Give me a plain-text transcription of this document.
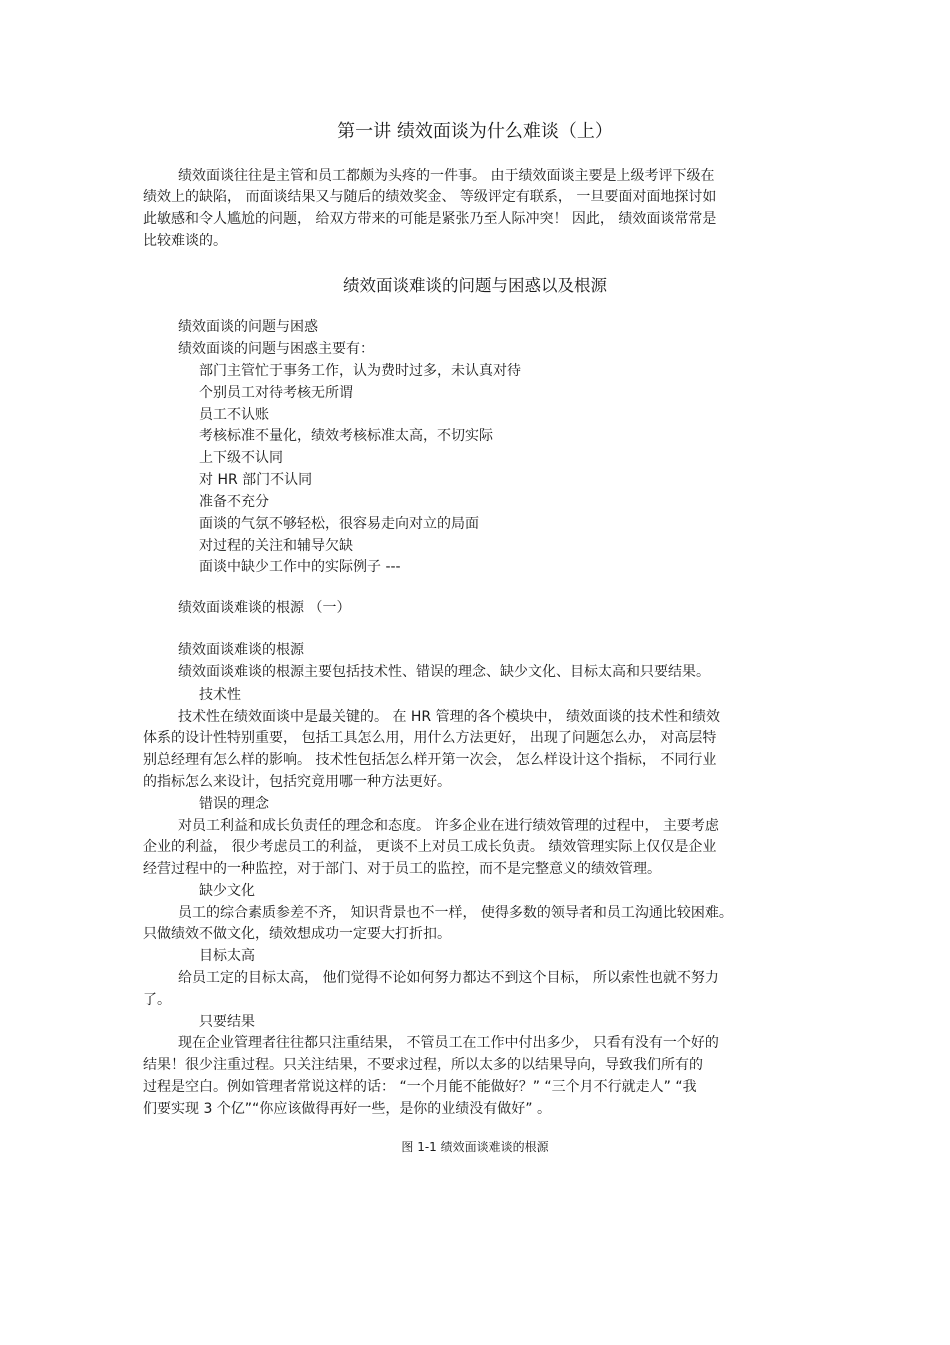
第一讲 绩效面谈为什么难谈（上）
绩效面谈往往是主管和员工都颇为头疼的一件事。 由于绩效面谈主要是上级考评下级在
绩效上的缺陷， 而面谈结果又与随后的绩效奖金、 等级评定有联系， 一旦要面对面地探讨如
此敏感和令人尴尬的问题， 给双方带来的可能是紧张乃至人际冲突！ 因此， 绩效面谈常常是
比较难谈的。
绩效面谈难谈的问题与困惑以及根源
绩效面谈的问题与困惑
绩效面谈的问题与困惑主要有：
部门主管忙于事务工作，认为费时过多，未认真对待
个别员工对待考核无所谓
员工不认账
考核标准不量化，绩效考核标准太高，不切实际
上下级不认同
对 HR 部门不认同
准备不充分
面谈的气氛不够轻松，很容易走向对立的局面
对过程的关注和辅导欠缺
面谈中缺少工作中的实际例子 ---
绩效面谈难谈的根源 （一）
绩效面谈难谈的根源
绩效面谈难谈的根源主要包括技术性、错误的理念、缺少文化、目标太高和只要结果。
技术性
技术性在绩效面谈中是最关键的。 在 HR 管理的各个模块中， 绩效面谈的技术性和绩效
体系的设计性特别重要， 包括工具怎么用，用什么方法更好， 出现了问题怎么办， 对高层特
别总经理有怎么样的影响。 技术性包括怎么样开第一次会， 怎么样设计这个指标， 不同行业
的指标怎么来设计，包括究竟用哪一种方法更好。
错误的理念
对员工利益和成长负责任的理念和态度。 许多企业在进行绩效管理的过程中， 主要考虑
企业的利益， 很少考虑员工的利益， 更谈不上对员工成长负责。 绩效管理实际上仅仅是企业
经营过程中的一种监控，对于部门、对于员工的监控，而不是完整意义的绩效管理。
缺少文化
员工的综合素质参差不齐， 知识背景也不一样， 使得多数的领导者和员工沟通比较困难。
只做绩效不做文化，绩效想成功一定要大打折扣。
目标太高
给员工定的目标太高， 他们觉得不论如何努力都达不到这个目标， 所以索性也就不努力
了。
只要结果
现在企业管理者往往都只注重结果， 不管员工在工作中付出多少， 只看有没有一个好的
结果！很少注重过程。只关注结果，不要求过程，所以太多的以结果导向，导致我们所有的
过程是空白。例如管理者常说这样的话： “一个月能不能做好？” “三个月不行就走人” “我
们要实现 3 个亿”“你应该做得再好一些，是你的业绩没有做好” 。
图 1-1 绩效面谈难谈的根源
